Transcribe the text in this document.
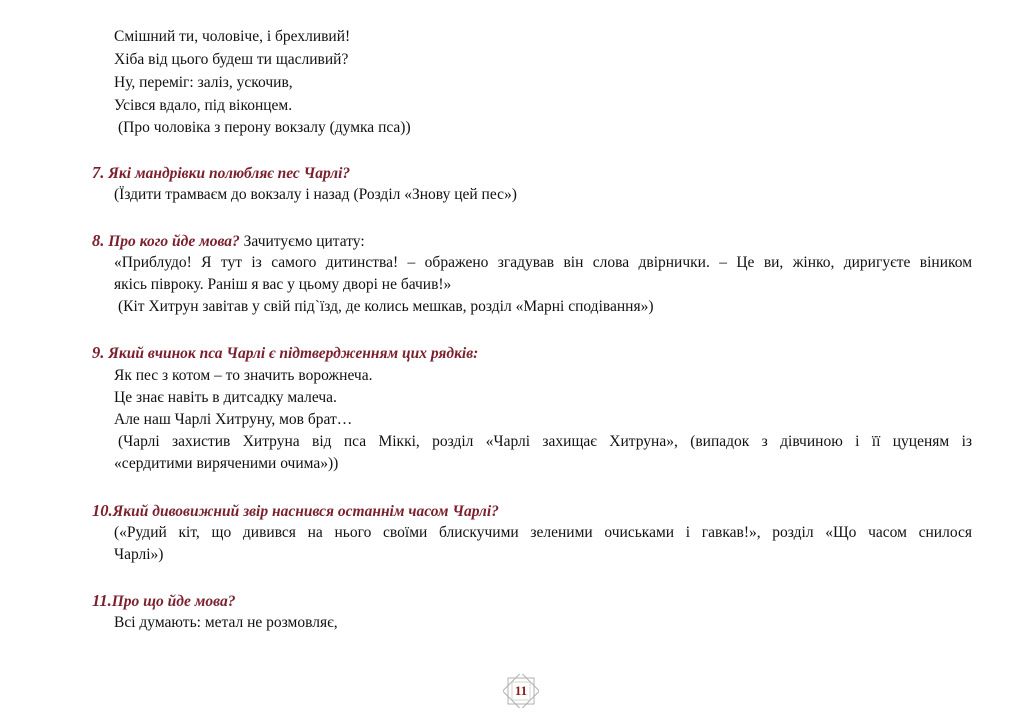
Смішний ти, чоловіче, і брехливий!
Хіба від цього будеш ти щасливий?
Ну, переміг: заліз, ускочив,
Усівся вдало, під віконцем.
(Про чоловіка з перону вокзалу (думка пса))
7. Які мандрівки полюбляє пес Чарлі?
(Їздити трамваєм до вокзалу і назад (Розділ «Знову цей пес»)
8. Про кого йде мова? Зачитуємо цитату:
«Приблудо! Я тут із самого дитинства! – ображено згадував він слова двірнички. – Це ви, жінко, диригуєте віником
якісь півроку. Раніш я вас у цьому дворі не бачив!»
(Кіт Хитрун завітав у свій під`їзд, де колись мешкав, розділ «Марні сподівання»)
9. Який вчинок пса Чарлі є підтвердженням цих рядків:
Як пес з котом – то значить ворожнеча.
Це знає навіть в дитсадку малеча.
Але наш Чарлі Хитруну, мов брат…
(Чарлі захистив Хитруна від пса Міккі, розділ «Чарлі захищає Хитруна», (випадок з дівчиною і її цуценям із
«сердитими виряченими очима»))
10.Який дивовижний звір наснився останнім часом Чарлі?
(«Рудий кіт, що дивився на нього своїми блискучими зеленими очиськами і гавкав!», розділ «Що часом снилося
Чарлі»)
11.Про що йде мова?
Всі думають: метал не розмовляє,
11
